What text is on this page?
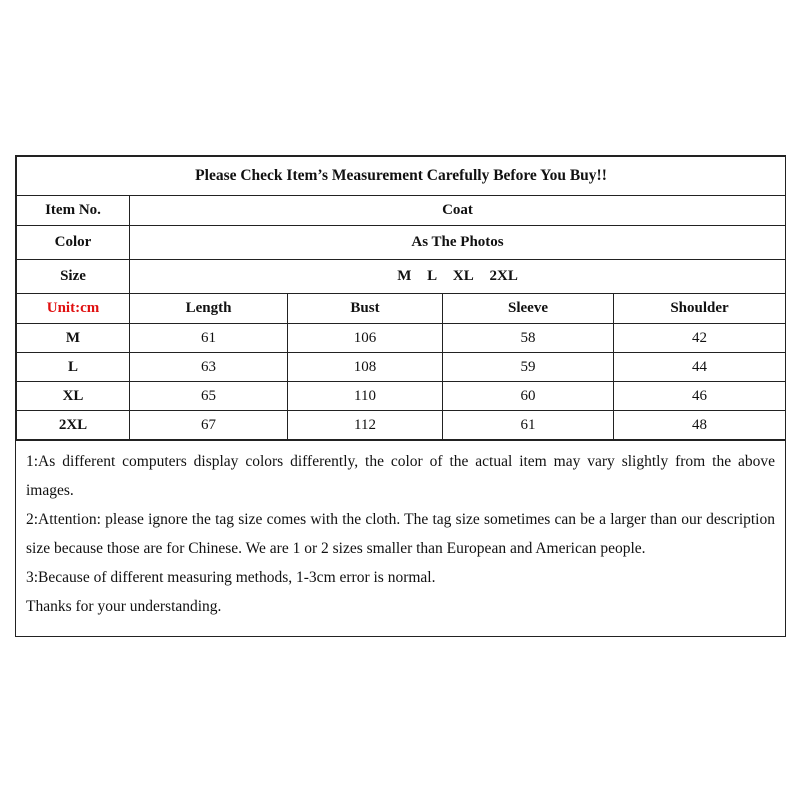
Please Check Item’s Measurement Carefully Before You Buy!!				
Item No.	Coat			
Color	As The Photos			
Size	M L XL 2XL			
Unit:cm	Length	Bust	Sleeve	Shoulder
M	61	106	58	42
L	63	108	59	44
XL	65	110	60	46
2XL	67	112	61	48

1:As different computers display colors differently, the color of the actual item may vary slightly from the above images.

2:Attention: please ignore the tag size comes with the cloth. The tag size sometimes can be a larger than our description size because those are for Chinese. We are 1 or 2 sizes smaller than European and American people.

3:Because of different measuring methods, 1-3cm error is normal.

Thanks for your understanding.
